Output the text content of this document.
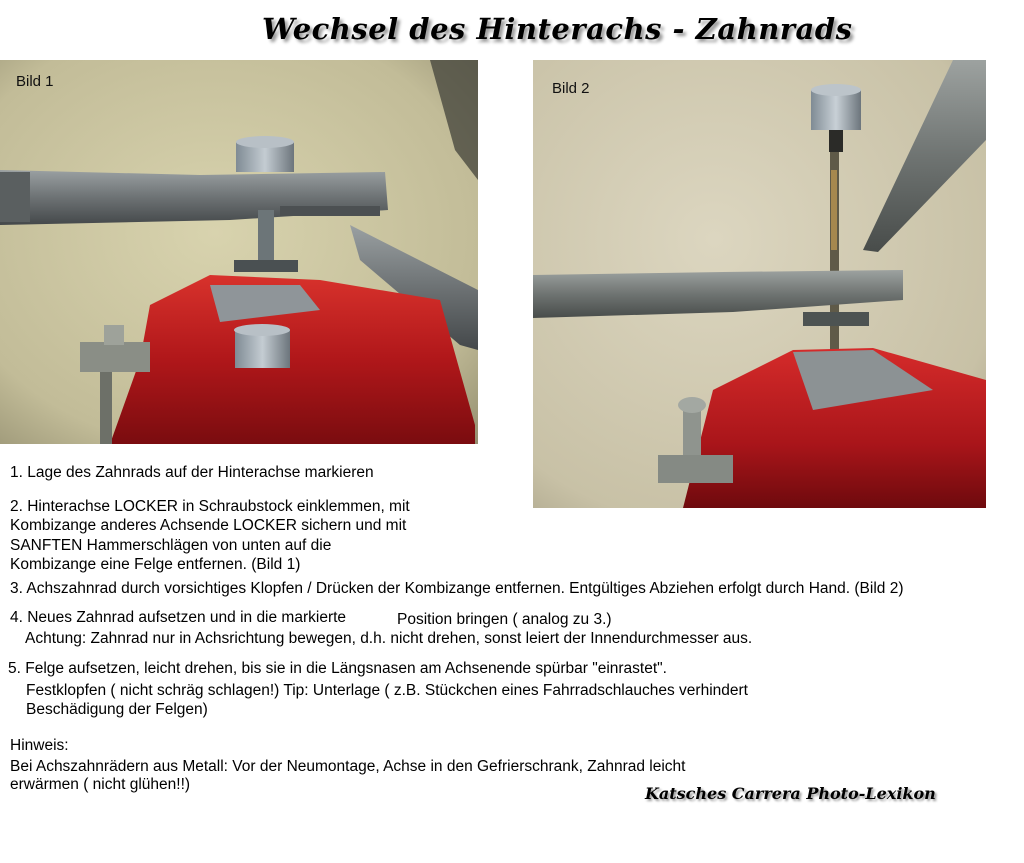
Wechsel des Hinterachs - Zahnrads
Bild 1	Bild 2
1. Lage des Zahnrads auf der Hinterachse markieren
2. Hinterachse LOCKER in Schraubstock einklemmen, mit
Kombizange anderes Achsende LOCKER sichern und mit
SANFTEN Hammerschlägen von unten auf die
Kombizange eine Felge entfernen. (Bild 1)
3. Achszahnrad durch vorsichtiges Klopfen / Drücken der Kombizange entfernen. Entgültiges Abziehen erfolgt durch Hand. (Bild 2)
4. Neues Zahnrad aufsetzen und in die markierte	Position bringen ( analog zu 3.)
Achtung: Zahnrad nur in Achsrichtung bewegen, d.h. nicht drehen, sonst leiert der Innendurchmesser aus.
5. Felge aufsetzen, leicht drehen, bis sie in die Längsnasen am Achsenende spürbar "einrastet".
Festklopfen ( nicht schräg schlagen!) Tip: Unterlage ( z.B. Stückchen eines Fahrradschlauches verhindert
Beschädigung der Felgen)
Hinweis:
Bei Achszahnrädern aus Metall: Vor der Neumontage, Achse in den Gefrierschrank, Zahnrad leicht
erwärmen ( nicht glühen!!)	Katsches Carrera Photo-Lexikon
